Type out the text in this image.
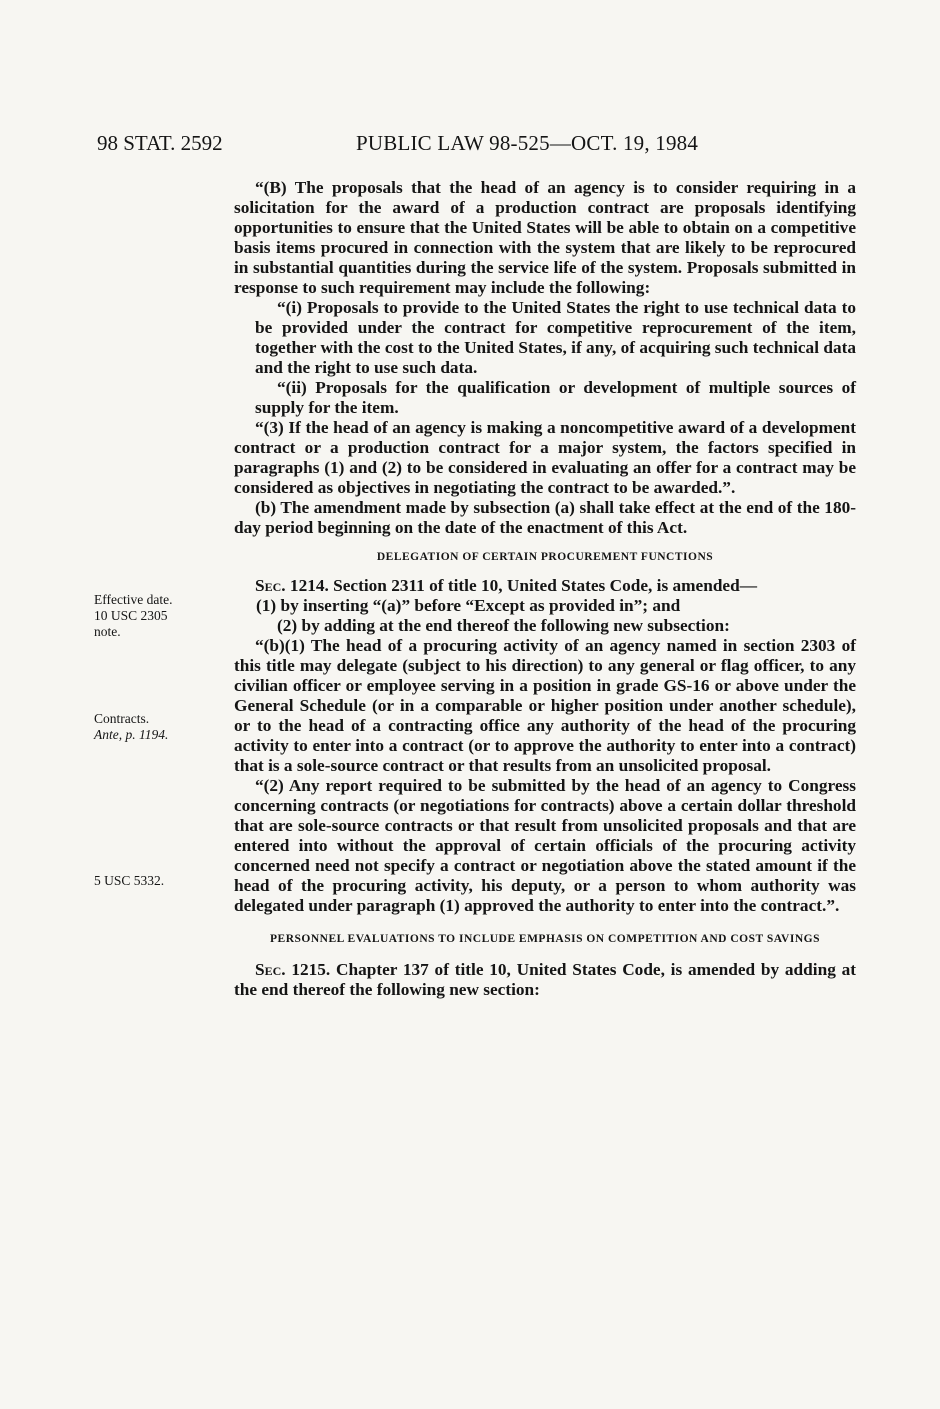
98 STAT. 2592	PUBLIC LAW 98-525—OCT. 19, 1984
Effective date.
10 USC 2305
note.
Contracts.
Ante, p. 1194.
5 USC 5332.

“(B) The proposals that the head of an agency is to consider requiring in a solicitation for the award of a production contract are proposals identifying opportunities to ensure that the United States will be able to obtain on a competitive basis items procured in connection with the system that are likely to be reprocured in substantial quantities during the service life of the system. Proposals submitted in response to such requirement may include the following:

“(i) Proposals to provide to the United States the right to use technical data to be provided under the contract for competitive reprocurement of the item, together with the cost to the United States, if any, of acquiring such technical data and the right to use such data.

“(ii) Proposals for the qualification or development of multiple sources of supply for the item.

“(3) If the head of an agency is making a noncompetitive award of a development contract or a production contract for a major system, the factors specified in paragraphs (1) and (2) to be considered in evaluating an offer for a contract may be considered as objectives in negotiating the contract to be awarded.”.

(b) The amendment made by subsection (a) shall take effect at the end of the 180-day period beginning on the date of the enactment of this Act.

DELEGATION OF CERTAIN PROCUREMENT FUNCTIONS

Sec. 1214. Section 2311 of title 10, United States Code, is amended—

(1) by inserting “(a)” before “Except as provided in”; and

(2) by adding at the end thereof the following new subsection:

“(b)(1) The head of a procuring activity of an agency named in section 2303 of this title may delegate (subject to his direction) to any general or flag officer, to any civilian officer or employee serving in a position in grade GS-16 or above under the General Schedule (or in a comparable or higher position under another schedule), or to the head of a contracting office any authority of the head of the procuring activity to enter into a contract (or to approve the authority to enter into a contract) that is a sole-source contract or that results from an unsolicited proposal.

“(2) Any report required to be submitted by the head of an agency to Congress concerning contracts (or negotiations for contracts) above a certain dollar threshold that are sole-source contracts or that result from unsolicited proposals and that are entered into without the approval of certain officials of the procuring activity concerned need not specify a contract or negotiation above the stated amount if the head of the procuring activity, his deputy, or a person to whom authority was delegated under paragraph (1) approved the authority to enter into the contract.”.

PERSONNEL EVALUATIONS TO INCLUDE EMPHASIS ON COMPETITION AND COST SAVINGS

Sec. 1215. Chapter 137 of title 10, United States Code, is amended by adding at the end thereof the following new section:
